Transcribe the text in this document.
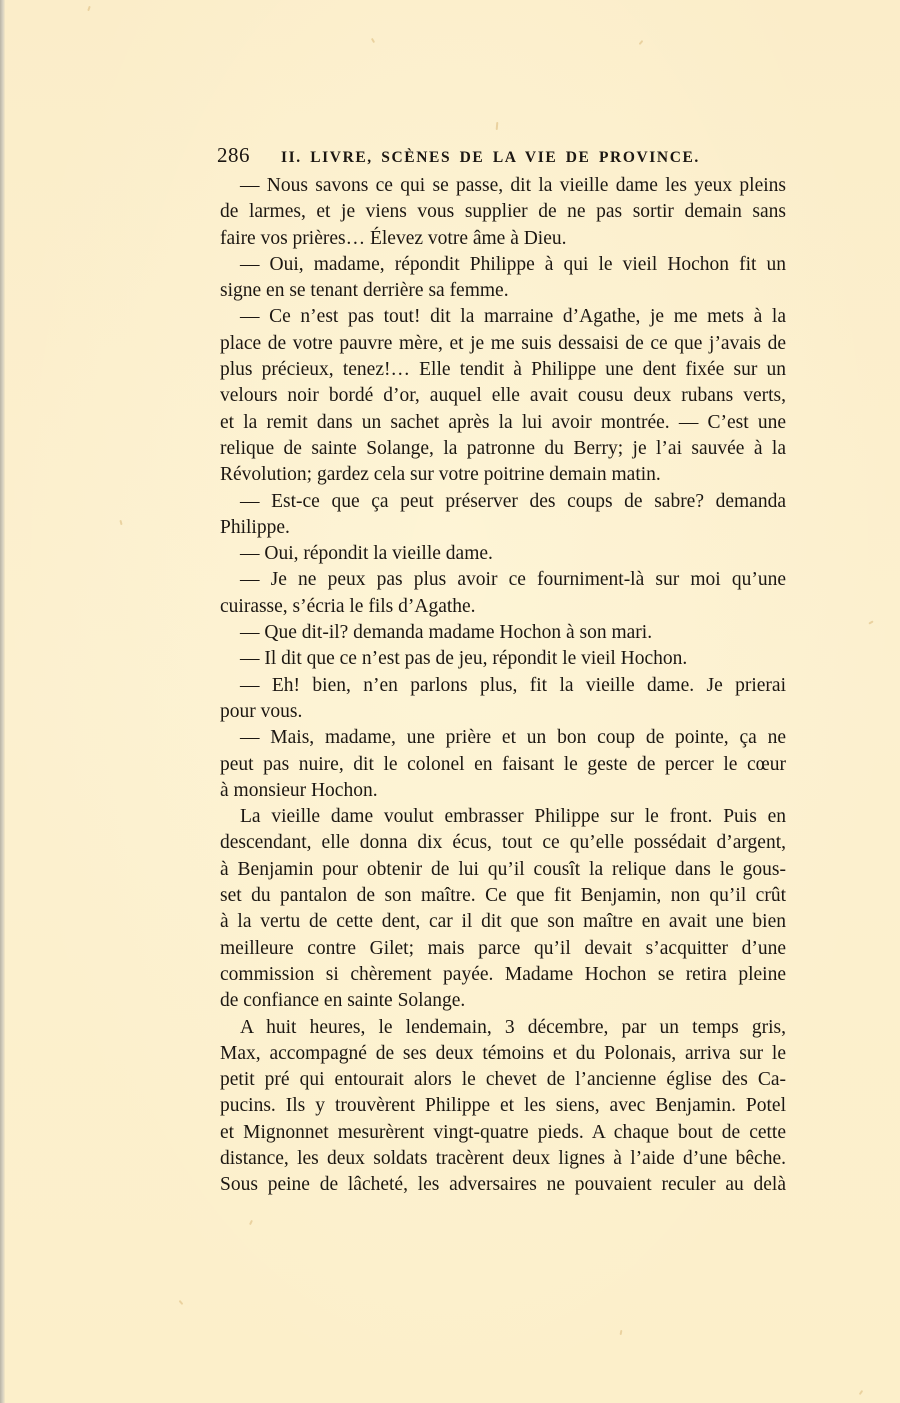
286	II. LIVRE, SCÈNES DE LA VIE DE PROVINCE.
— Nous savons ce qui se passe, dit la vieille dame les yeux pleins
de larmes, et je viens vous supplier de ne pas sortir demain sans
faire vos prières… Élevez votre âme à Dieu.
— Oui, madame, répondit Philippe à qui le vieil Hochon fit un
signe en se tenant derrière sa femme.
— Ce n’est pas tout! dit la marraine d’Agathe, je me mets à la
place de votre pauvre mère, et je me suis dessaisi de ce que j’avais de
plus précieux, tenez!… Elle tendit à Philippe une dent fixée sur un
velours noir bordé d’or, auquel elle avait cousu deux rubans verts,
et la remit dans un sachet après la lui avoir montrée. — C’est une
relique de sainte Solange, la patronne du Berry; je l’ai sauvée à la
Révolution; gardez cela sur votre poitrine demain matin.
— Est-ce que ça peut préserver des coups de sabre? demanda
Philippe.
— Oui, répondit la vieille dame.
— Je ne peux pas plus avoir ce fourniment-là sur moi qu’une
cuirasse, s’écria le fils d’Agathe.
— Que dit-il? demanda madame Hochon à son mari.
— Il dit que ce n’est pas de jeu, répondit le vieil Hochon.
— Eh! bien, n’en parlons plus, fit la vieille dame. Je prierai
pour vous.
— Mais, madame, une prière et un bon coup de pointe, ça ne
peut pas nuire, dit le colonel en faisant le geste de percer le cœur
à monsieur Hochon.
La vieille dame voulut embrasser Philippe sur le front. Puis en
descendant, elle donna dix écus, tout ce qu’elle possédait d’argent,
à Benjamin pour obtenir de lui qu’il cousît la relique dans le gous-
set du pantalon de son maître. Ce que fit Benjamin, non qu’il crût
à la vertu de cette dent, car il dit que son maître en avait une bien
meilleure contre Gilet; mais parce qu’il devait s’acquitter d’une
commission si chèrement payée. Madame Hochon se retira pleine
de confiance en sainte Solange.
A huit heures, le lendemain, 3 décembre, par un temps gris,
Max, accompagné de ses deux témoins et du Polonais, arriva sur le
petit pré qui entourait alors le chevet de l’ancienne église des Ca-
pucins. Ils y trouvèrent Philippe et les siens, avec Benjamin. Potel
et Mignonnet mesurèrent vingt-quatre pieds. A chaque bout de cette
distance, les deux soldats tracèrent deux lignes à l’aide d’une bêche.
Sous peine de lâcheté, les adversaires ne pouvaient reculer au delà
